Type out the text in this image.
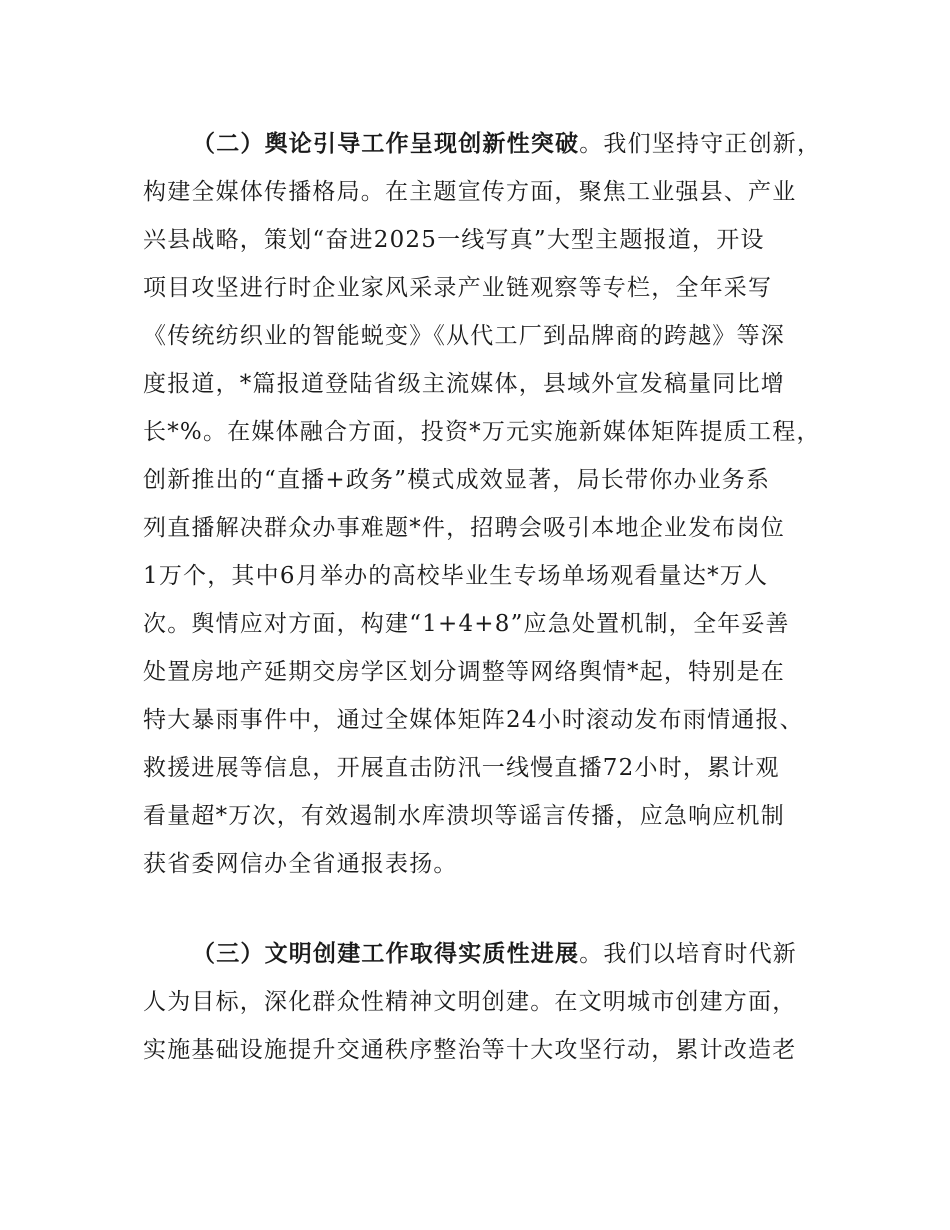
（二）舆论引导工作呈现创新性突破。我们坚持守正创新，
构建全媒体传播格局。在主题宣传方面，聚焦工业强县、产业
兴县战略，策划“奋进2025一线写真”大型主题报道，开设
项目攻坚进行时企业家风采录产业链观察等专栏，全年采写
《传统纺织业的智能蜕变》《从代工厂到品牌商的跨越》等深
度报道，*篇报道登陆省级主流媒体，县域外宣发稿量同比增
长*%。在媒体融合方面，投资*万元实施新媒体矩阵提质工程，
创新推出的“直播+政务”模式成效显著，局长带你办业务系
列直播解决群众办事难题*件，招聘会吸引本地企业发布岗位
1万个，其中6月举办的高校毕业生专场单场观看量达*万人
次。舆情应对方面，构建“1+4+8”应急处置机制，全年妥善
处置房地产延期交房学区划分调整等网络舆情*起，特别是在
特大暴雨事件中，通过全媒体矩阵24小时滚动发布雨情通报、
救援进展等信息，开展直击防汛一线慢直播72小时，累计观
看量超*万次，有效遏制水库溃坝等谣言传播，应急响应机制
获省委网信办全省通报表扬。
（三）文明创建工作取得实质性进展。我们以培育时代新
人为目标，深化群众性精神文明创建。在文明城市创建方面，
实施基础设施提升交通秩序整治等十大攻坚行动，累计改造老
